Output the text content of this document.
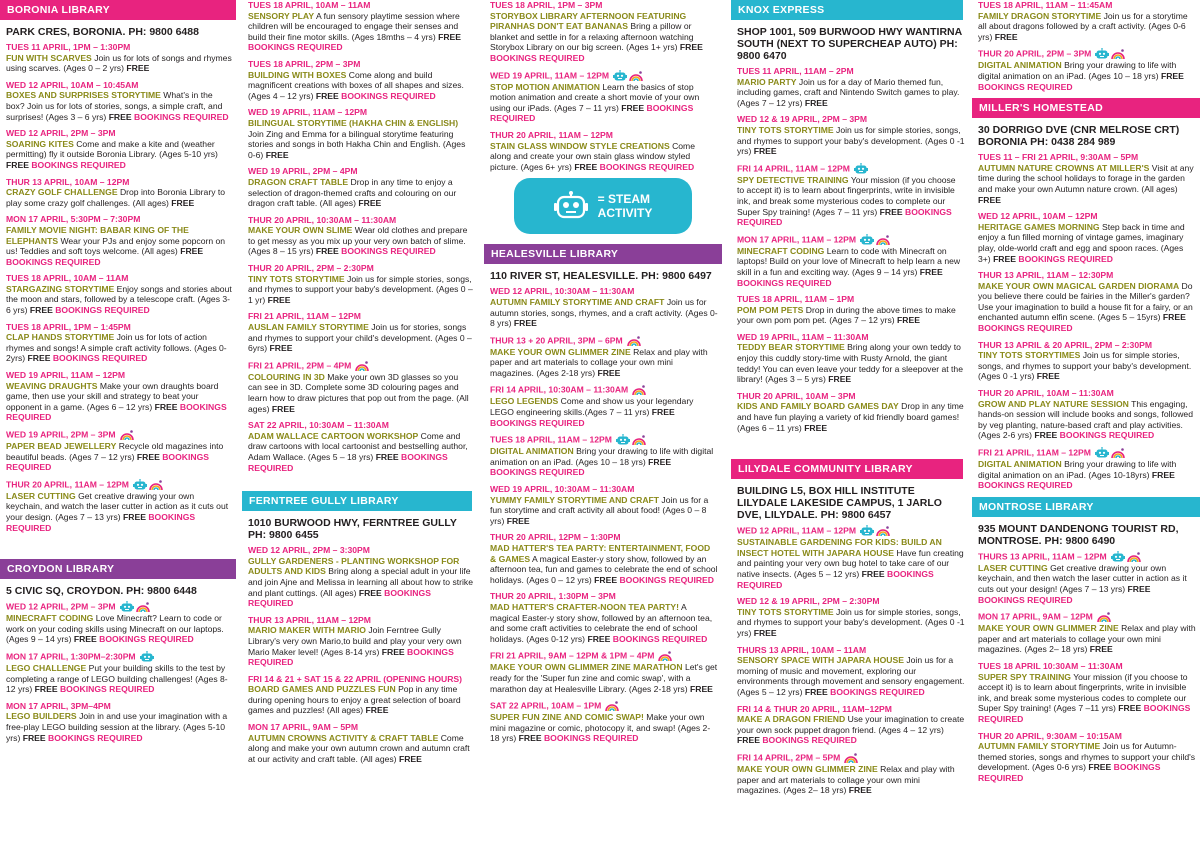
BORONIA LIBRARY
PARK CRES, BORONIA. PH: 9800 6488
TUES 11 APRIL, 1PM – 1:30PM
FUN WITH SCARVES Join us for lots of songs and rhymes using scarves. (Ages 0 – 2 yrs) FREE
WED 12 APRIL, 10AM – 10:45AM
BOXES AND SURPRISES STORYTIME What's in the box? Join us for lots of stories, songs, a simple craft, and surprises! (Ages 3 – 6 yrs) FREE BOOKINGS REQUIRED
WED 12 APRIL, 2PM – 3PM
SOARING KITES Come and make a kite and (weather permitting) fly it outside Boronia Library. (Ages 5-10 yrs) FREE BOOKINGS REQUIRED
THUR 13 APRIL, 10AM – 12PM
CRAZY GOLF CHALLENGE Drop into Boronia Library to play some crazy golf challenges. (All ages) FREE
MON 17 APRIL, 5:30PM – 7:30PM
FAMILY MOVIE NIGHT: BABAR KING OF THE ELEPHANTS Wear your PJs and enjoy some popcorn on us! Teddies and soft toys welcome. (All ages) FREE BOOKINGS REQUIRED
TUES 18 APRIL, 10AM – 11AM
STARGAZING STORYTIME Enjoy songs and stories about the moon and stars, followed by a telescope craft. (Ages 3-6 yrs) FREE BOOKINGS REQUIRED
TUES 18 APRIL, 1PM – 1:45PM
CLAP HANDS STORYTIME Join us for lots of action rhymes and songs! A simple craft activity follows. (Ages 0-2yrs) FREE BOOKINGS REQUIRED
WED 19 APRIL, 11AM – 12PM
WEAVING DRAUGHTS Make your own draughts board game, then use your skill and strategy to beat your opponent in a game. (Ages 6 – 12 yrs) FREE BOOKINGS REQUIRED
WED 19 APRIL, 2PM – 3PM
PAPER BEAD JEWELLERY Recycle old magazines into beautiful beads. (Ages 7 – 12 yrs) FREE BOOKINGS REQUIRED
THUR 20 APRIL, 11AM – 12PM
LASER CUTTING Get creative drawing your own keychain, and watch the laser cutter in action as it cuts out your design. (Ages 7 – 13 yrs) FREE BOOKINGS REQUIRED
CROYDON LIBRARY
5 CIVIC SQ, CROYDON. PH: 9800 6448
WED 12 APRIL, 2PM – 3PM
MINECRAFT CODING Love Minecraft? Learn to code or work on your coding skills using Minecraft on our laptops. (Ages 9 – 14 yrs) FREE BOOKINGS REQUIRED
MON 17 APRIL, 1:30PM–2:30PM
LEGO CHALLENGE Put your building skills to the test by completing a range of LEGO building challenges! (Ages 8-12 yrs) FREE BOOKINGS REQUIRED
MON 17 APRIL, 3PM–4PM
LEGO BUILDERS Join in and use your imagination with a free-play LEGO building session at the library. (Ages 5-10 yrs) FREE BOOKINGS REQUIRED
TUES 18 APRIL, 10AM – 11AM
SENSORY PLAY A fun sensory playtime session where children will be encouraged to engage their senses and build their fine motor skills. (Ages 18mths – 4 yrs) FREE BOOKINGS REQUIRED
TUES 18 APRIL, 2PM – 3PM
BUILDING WITH BOXES Come along and build magnificent creations with boxes of all shapes and sizes. (Ages 4 – 12 yrs) FREE BOOKINGS REQUIRED
WED 19 APRIL, 11AM – 12PM
BILINGUAL STORYTIME (HAKHA CHIN & ENGLISH) Join Zing and Emma for a bilingual storytime featuring stories and songs in both Hakha Chin and English. (Ages 0-6) FREE
WED 19 APRIL, 2PM – 4PM
DRAGON CRAFT TABLE Drop in any time to enjoy a selection of dragon-themed crafts and colouring on our dragon craft table. (All ages) FREE
THUR 20 APRIL, 10:30AM – 11:30AM
MAKE YOUR OWN SLIME Wear old clothes and prepare to get messy as you mix up your very own batch of slime. (Ages 8 – 15 yrs) FREE BOOKINGS REQUIRED
THUR 20 APRIL, 2PM – 2:30PM
TINY TOTS STORYTIME Join us for simple stories, songs, and rhymes to support your baby's development. (Ages 0 – 1 yr) FREE
FRI 21 APRIL, 11AM – 12PM
AUSLAN FAMILY STORYTIME Join us for stories, songs and rhymes to support your child's development. (Ages 0 – 6yrs) FREE
FRI 21 APRIL, 2PM – 4PM
COLOURING IN 3D Make your own 3D glasses so you can see in 3D. Complete some 3D colouring pages and learn how to draw pictures that pop out from the page. (All ages) FREE
SAT 22 APRIL, 10:30AM – 11:30AM
ADAM WALLACE CARTOON WORKSHOP Come and draw cartoons with local cartoonist and bestselling author, Adam Wallace. (Ages 5 – 18 yrs) FREE BOOKINGS REQUIRED
FERNTREE GULLY LIBRARY
1010 BURWOOD HWY, FERNTREE GULLY PH: 9800 6455
WED 12 APRIL, 2PM – 3:30PM
GULLY GARDENERS - PLANTING WORKSHOP FOR ADULTS AND KIDS Bring along a special adult in your life and join Ajne and Melissa in learning all about how to strike and plant cuttings. (All ages) FREE BOOKINGS REQUIRED
THUR 13 APRIL, 11AM – 12PM
MARIO MAKER WITH MARIO Join Ferntree Gully Library's very own Mario,to build and play your very own Mario Maker level! (Ages 8-14 yrs) FREE BOOKINGS REQUIRED
FRI 14 & 21 + SAT 15 & 22 APRIL (OPENING HOURS)
BOARD GAMES AND PUZZLES FUN Pop in any time during opening hours to enjoy a great selection of board games and puzzles! (All ages) FREE
MON 17 APRIL, 9AM – 5PM
AUTUMN CROWNS ACTIVITY & CRAFT TABLE Come along and make your own autumn crown and autumn craft at our activity and craft table. (All ages) FREE
TUES 18 APRIL, 1PM – 3PM
STORYBOX LIBRARY AFTERNOON FEATURING PIRANHAS DON'T EAT BANANAS Bring a pillow or blanket and settle in for a relaxing afternoon watching Storybox Library on our big screen. (Ages 1+ yrs) FREE BOOKINGS REQUIRED
WED 19 APRIL, 11AM – 12PM
STOP MOTION ANIMATION Learn the basics of stop motion animation and create a short movie of your own using our iPads. (Ages 7 – 11 yrs) FREE BOOKINGS REQUIRED
THUR 20 APRIL, 11AM – 12PM
STAIN GLASS WINDOW STYLE CREATIONS Come along and create your own stain glass window styled picture. (Ages 6+ yrs) FREE BOOKINGS REQUIRED
= STEAM
ACTIVITY
HEALESVILLE LIBRARY
110 RIVER ST, HEALESVILLE. PH: 9800 6497
WED 12 APRIL, 10:30AM – 11:30AM
AUTUMN FAMILY STORYTIME AND CRAFT Join us for autumn stories, songs, rhymes, and a craft activity. (Ages 0-8 yrs) FREE
THUR 13 + 20 APRIL, 3PM – 6PM
MAKE YOUR OWN GLIMMER ZINE Relax and play with paper and art materials to collage your own mini magazines. (Ages 2-18 yrs) FREE
FRI 14 APRIL, 10:30AM – 11:30AM
LEGO LEGENDS Come and show us your legendary LEGO engineering skills.(Ages 7 – 11 yrs) FREE BOOKINGS REQUIRED
TUES 18 APRIL, 11AM – 12PM
DIGITAL ANIMATION Bring your drawing to life with digital animation on an iPad. (Ages 10 – 18 yrs) FREE BOOKINGS REQUIRED
WED 19 APRIL, 10:30AM – 11:30AM
YUMMY FAMILY STORYTIME AND CRAFT Join us for a fun storytime and craft activity all about food! (Ages 0 – 8 yrs) FREE
THUR 20 APRIL, 12PM – 1:30PM
MAD HATTER'S TEA PARTY: ENTERTAINMENT, FOOD & GAMES A magical Easter-y story show, followed by an afternoon tea, fun and games to celebrate the end of school holidays. (Ages 0 – 12 yrs) FREE BOOKINGS REQUIRED
THUR 20 APRIL, 1:30PM – 3PM
MAD HATTER'S CRAFTER-NOON TEA PARTY! A magical Easter-y story show, followed by an afternoon tea, and some craft activities to celebrate the end of school holidays. (Ages 0-12 yrs) FREE BOOKINGS REQUIRED
FRI 21 APRIL, 9AM – 12PM & 1PM – 4PM
MAKE YOUR OWN GLIMMER ZINE MARATHON Let's get ready for the 'Super fun zine and comic swap', with a marathon day at Healesville Library. (Ages 2-18 yrs) FREE
SAT 22 APRIL, 10AM – 1PM
SUPER FUN ZINE AND COMIC SWAP! Make your own mini magazine or comic, photocopy it, and swap! (Ages 2-18 yrs) FREE BOOKINGS REQUIRED
KNOX EXPRESS
SHOP 1001, 509 BURWOOD HWY WANTIRNA SOUTH (NEXT TO SUPERCHEAP AUTO) PH: 9800 6470
TUES 11 APRIL, 11AM – 2PM
MARIO PARTY Join us for a day of Mario themed fun, including games, craft and Nintendo Switch games to play. (Ages 7 – 12 yrs) FREE
WED 12 & 19 APRIL, 2PM – 3PM
TINY TOTS STORYTIME Join us for simple stories, songs, and rhymes to support your baby's development. (Ages 0 -1 yrs) FREE
FRI 14 APRIL, 11AM – 12PM
SPY DETECTIVE TRAINING Your mission (if you choose to accept it) is to learn about fingerprints, write in invisible ink, and break some mysterious codes to complete our Super Spy training! (Ages 7 – 11 yrs) FREE BOOKINGS REQUIRED
MON 17 APRIL, 11AM – 12PM
MINECRAFT CODING Learn to code with Minecraft on laptops! Build on your love of Minecraft to help learn a new skill in a fun and exciting way. (Ages 9 – 14 yrs) FREE BOOKINGS REQUIRED
TUES 18 APRIL, 11AM – 1PM
POM POM PETS Drop in during the above times to make your own pom pom pet. (Ages 7 – 12 yrs) FREE
WED 19 APRIL, 11AM – 11:30AM
TEDDY BEAR STORYTIME Bring along your own teddy to enjoy this cuddly story-time with Rusty Arnold, the giant teddy! You can even leave your teddy for a sleepover at the library! (Ages 3 – 5 yrs) FREE
THUR 20 APRIL, 10AM – 3PM
KIDS AND FAMILY BOARD GAMES DAY Drop in any time and have fun playing a variety of kid friendly board games! (Ages 6 – 11 yrs) FREE
LILYDALE COMMUNITY LIBRARY
BUILDING L5, BOX HILL INSTITUTE LILYDALE LAKESIDE CAMPUS, 1 JARLO DVE, LILYDALE. PH: 9800 6457
WED 12 APRIL, 11AM – 12PM
SUSTAINABLE GARDENING FOR KIDS: BUILD AN INSECT HOTEL WITH JAPARA HOUSE Have fun creating and painting your very own bug hotel to take care of our native insects. (Ages 5 – 12 yrs) FREE BOOKINGS REQUIRED
WED 12 & 19 APRIL, 2PM – 2:30PM
TINY TOTS STORYTIME Join us for simple stories, songs, and rhymes to support your baby's development. (Ages 0 -1 yrs) FREE
THURS 13 APRIL, 10AM – 11AM
SENSORY SPACE WITH JAPARA HOUSE Join us for a morning of music and movement, exploring our environments through movement and sensory engagement. (Ages 5 – 12 yrs) FREE BOOKINGS REQUIRED
FRI 14 & THUR 20 APRIL, 11AM–12PM
MAKE A DRAGON FRIEND Use your imagination to create your own sock puppet dragon friend. (Ages 4 – 12 yrs) FREE BOOKINGS REQUIRED
FRI 14 APRIL, 2PM – 5PM
MAKE YOUR OWN GLIMMER ZINE Relax and play with paper and art materials to collage your own mini magazines. (Ages 2– 18 yrs) FREE
TUES 18 APRIL, 11AM – 11:45AM
FAMILY DRAGON STORYTIME Join us for a storytime all about dragons followed by a craft activity. (Ages 0-6 yrs) FREE
THUR 20 APRIL, 2PM – 3PM
DIGITAL ANIMATION Bring your drawing to life with digital animation on an iPad. (Ages 10 – 18 yrs) FREE BOOKINGS REQUIRED
MILLER'S HOMESTEAD
30 DORRIGO DVE (CNR MELROSE CRT) BORONIA PH: 0438 284 989
TUES 11 – FRI 21 APRIL, 9:30AM – 5PM
AUTUMN NATURE CROWNS AT MILLER'S Visit at any time during the school holidays to forage in the garden and make your own Autumn nature crown. (All ages) FREE
WED 12 APRIL, 10AM – 12PM
HERITAGE GAMES MORNING Step back in time and enjoy a fun filled morning of vintage games, imaginary play, olde-world craft and egg and spoon races. (Ages 3+) FREE BOOKINGS REQUIRED
THUR 13 APRIL, 11AM – 12:30PM
MAKE YOUR OWN MAGICAL GARDEN DIORAMA Do you believe there could be fairies in the Miller's garden? Use your imagination to build a house fit for a fairy, or an enchanted autumn elfin scene. (Ages 5 – 15yrs) FREE BOOKINGS REQUIRED
THUR 13 APRIL & 20 APRIL, 2PM – 2:30PM
TINY TOTS STORYTIMES Join us for simple stories, songs, and rhymes to support your baby's development. (Ages 0 -1 yrs) FREE
THUR 20 APRIL, 10AM – 11:30AM
GROW AND PLAY NATURE SESSION This engaging, hands-on session will include books and songs, followed by veg planting, nature-based craft and play activities. (Ages 2-6 yrs) FREE BOOKINGS REQUIRED
FRI 21 APRIL, 11AM – 12PM
DIGITAL ANIMATION Bring your drawing to life with digital animation on an iPad. (Ages 10-18yrs) FREE BOOKINGS REQUIRED
MONTROSE LIBRARY
935 MOUNT DANDENONG TOURIST RD, MONTROSE. PH: 9800 6490
THURS 13 APRIL, 11AM – 12PM
LASER CUTTING Get creative drawing your own keychain, and then watch the laser cutter in action as it cuts out your design! (Ages 7 – 13 yrs) FREE BOOKINGS REQUIRED
MON 17 APRIL, 9AM – 12PM
MAKE YOUR OWN GLIMMER ZINE Relax and play with paper and art materials to collage your own mini magazines. (Ages 2– 18 yrs) FREE
TUES 18 APRIL 10:30AM – 11:30AM
SUPER SPY TRAINING Your mission (if you choose to accept it) is to learn about fingerprints, write in invisible ink, and break some mysterious codes to complete our Super Spy training! (Ages 7 –11 yrs) FREE BOOKINGS REQUIRED
THUR 20 APRIL, 9:30AM – 10:15AM
AUTUMN FAMILY STORYTIME Join us for Autumn-themed stories, songs and rhymes to support your child's development. (Ages 0-6 yrs) FREE BOOKINGS REQUIRED
